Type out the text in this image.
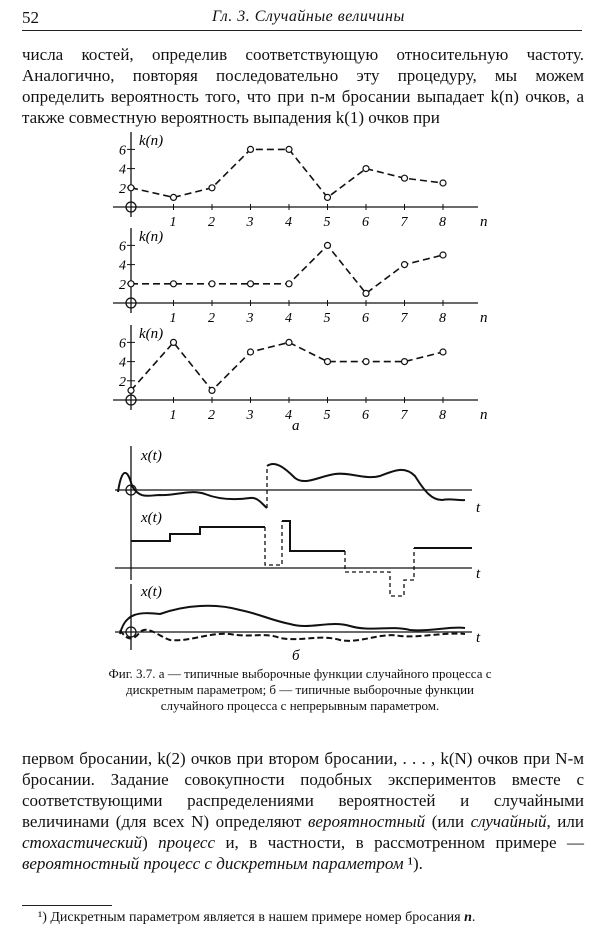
52	Гл. 3. Случайные величины

числа костей, определив соответствующую относительную частоту. Аналогично, повторяя последовательно эту процедуру, мы можем определить вероятность того, что при n-м бросании выпадает k(n) очков, а также совместную вероятность выпадения k(1) очков при

k(n)
n
2
4
6
1 2 3 4 5 6 7 8
k(n)
n
2
4
6
1 2 3 4 5 6 7 8
k(n)
n
2
4
6
1 2 3 4 5 6 7 8
а
x(t)
t
x(t)
t
x(t)
t
б

Фиг. 3.7. а — типичные выборочные функции случайного процесса с дискретным параметром; б — типичные выборочные функции случайного процесса с непрерывным параметром.

первом бросании, k(2) очков при втором бросании, . . . , k(N) очков при N-м бросании. Задание совокупности подобных экспериментов вместе с соответствующими распределениями вероятностей и случайными величинами (для всех N) определяют вероятностный (или случайный, или стохастический) процесс и, в частности, в рассмотренном примере — вероятностный процесс с дискретным параметром ¹).

¹) Дискретным параметром является в нашем примере номер бросания n.
